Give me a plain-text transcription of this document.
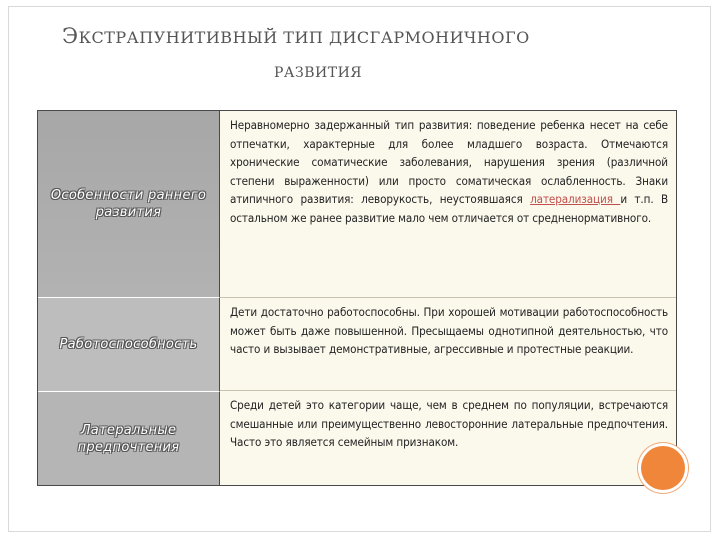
ЭКСТРАПУНИТИВНЫЙ ТИП ДИСГАРМОНИЧНОГО
РАЗВИТИЯ
Особенности раннего развития
Неравномерно задержанный тип развития: поведение ребенка несет на себе отпечатки, характерные для более младшего возраста. Отмечаются хронические соматические заболевания, нарушения зрения (различной степени выраженности) или просто соматическая ослабленность. Знаки атипичного развития: леворукость, неустоявшаяся латерализация и т.п. В остальном же ранее развитие мало чем отличается от средненормативного.
Работоспособность
Дети достаточно работоспособны. При хорошей мотивации работоспособность может быть даже повышенной. Пресыщаемы однотипной деятельностью, что часто и вызывает демонстративные, агрессивные и протестные реакции.
Латеральные предпочтения
Среди детей это категории чаще, чем в среднем по популяции, встречаются смешанные или преимущественно левосторонние латеральные предпочтения. Часто это является семейным признаком.
